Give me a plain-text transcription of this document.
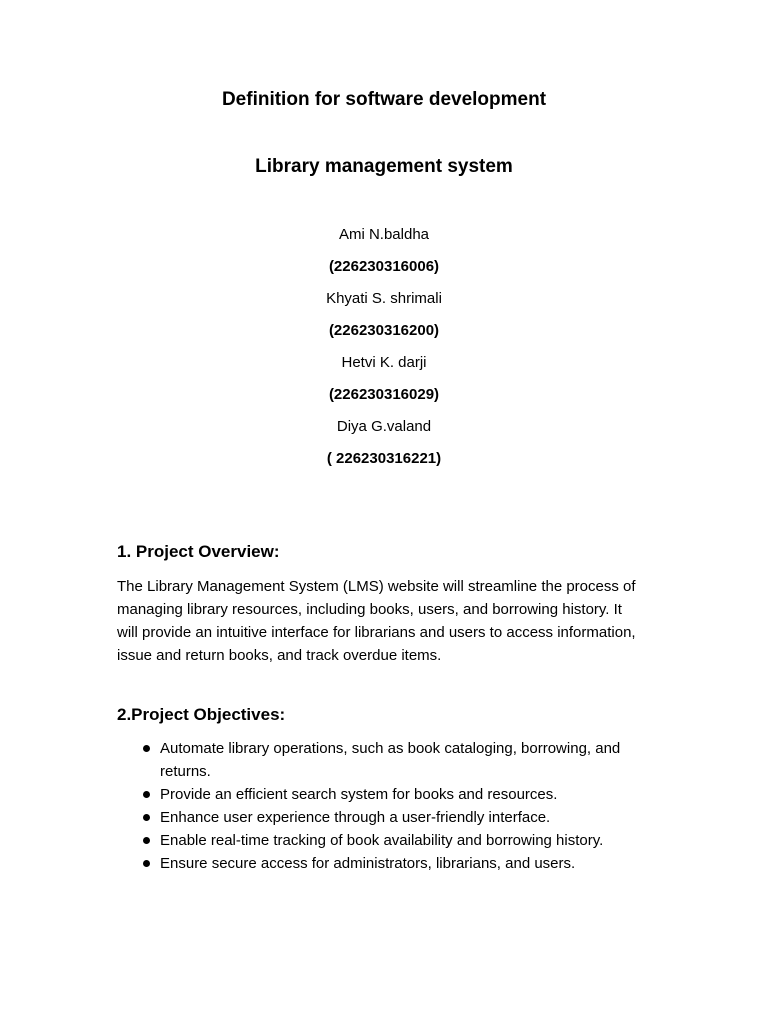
Definition for software development
Library management system
Ami N.baldha
(226230316006)
Khyati S. shrimali
(226230316200)
Hetvi K. darji
(226230316029)
Diya G.valand
( 226230316221)
1. Project Overview:
The Library Management System (LMS) website will streamline the process of
managing library resources, including books, users, and borrowing history. It
will provide an intuitive interface for librarians and users to access information,
issue and return books, and track overdue items.
2.Project Objectives:
Automate library operations, such as book cataloging, borrowing, and returns.
Provide an efficient search system for books and resources.
Enhance user experience through a user-friendly interface.
Enable real-time tracking of book availability and borrowing history.
Ensure secure access for administrators, librarians, and users.
